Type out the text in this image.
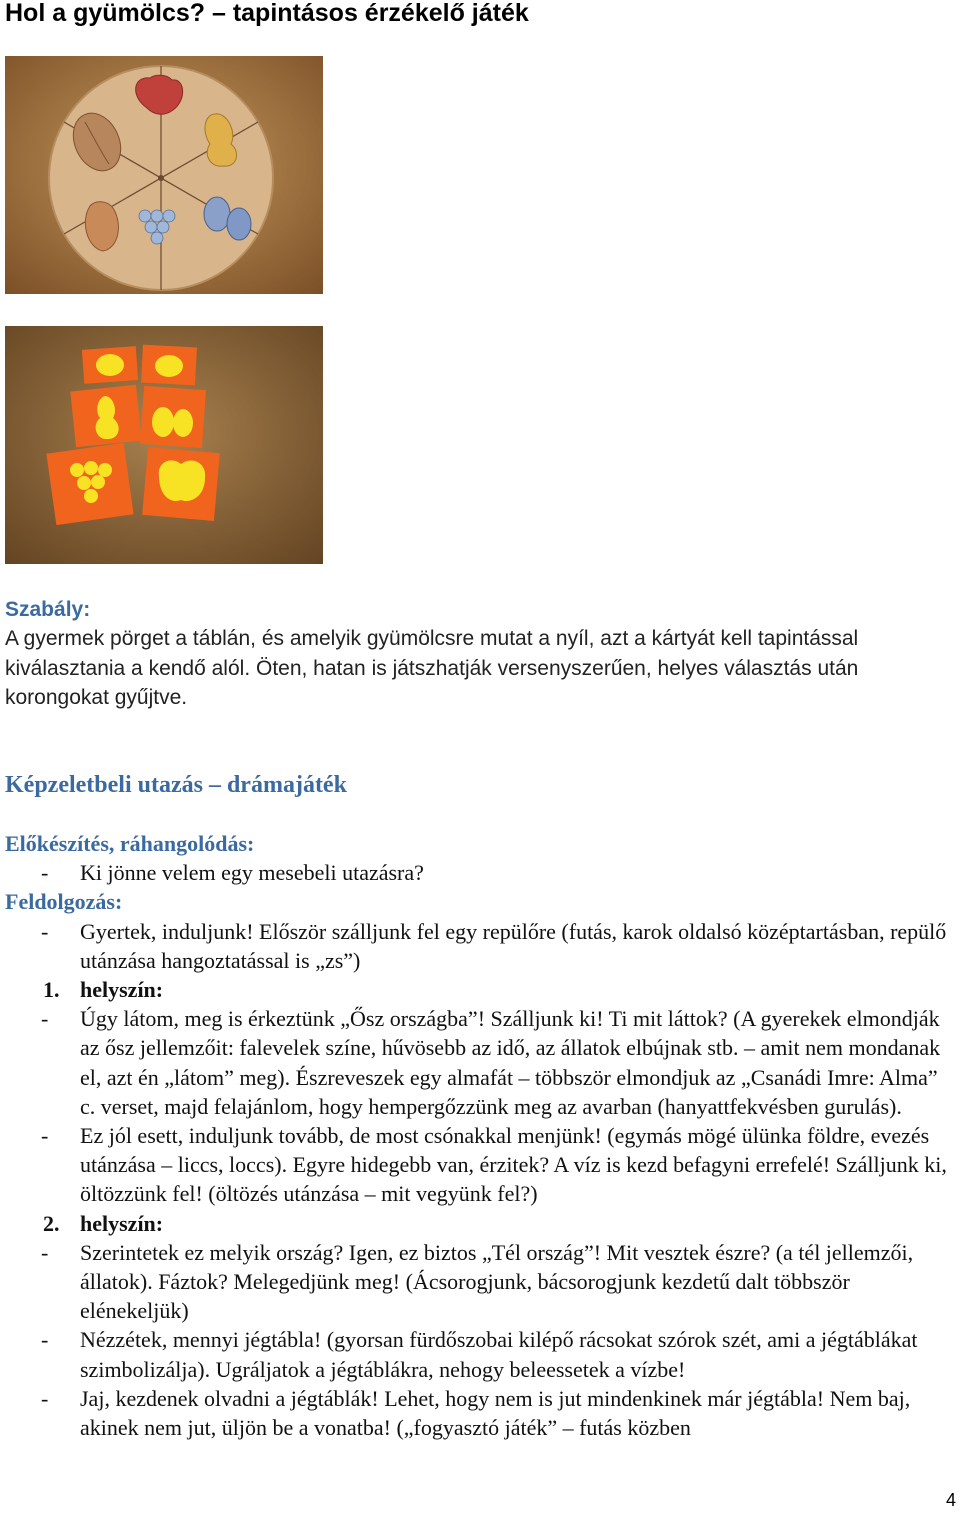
Hol a gyümölcs? – tapintásos érzékelő játék
Szabály:

A gyermek pörget a táblán, és amelyik gyümölcsre mutat a nyíl, azt a kártyát kell tapintással kiválasztania a kendő alól. Öten, hatan is játszhatják versenyszerűen, helyes választás után korongokat gyűjtve.

Képzeletbeli utazás – drámajáték
Előkészítés, ráhangolódás:
-	Ki jönne velem egy mesebeli utazásra?
Feldolgozás:
-	Gyertek, induljunk! Először szálljunk fel egy repülőre (futás, karok oldalsó középtartásban, repülő utánzása hangoztatással is „zs”)
1. helyszín:
-	Úgy látom, meg is érkeztünk „Ősz országba”! Szálljunk ki! Ti mit láttok? (A gyerekek elmondják az ősz jellemzőit: falevelek színe, hűvösebb az idő, az állatok elbújnak stb. – amit nem mondanak el, azt én „látom” meg). Észreveszek egy almafát – többször elmondjuk az „Csanádi Imre: Alma” c. verset, majd felajánlom, hogy hempergőzzünk meg az avarban (hanyattfekvésben gurulás).
-	Ez jól esett, induljunk tovább, de most csónakkal menjünk! (egymás mögé ülünka földre, evezés utánzása – liccs, loccs). Egyre hidegebb van, érzitek? A víz is kezd befagyni errefelé! Szálljunk ki, öltözzünk fel! (öltözés utánzása – mit vegyünk fel?)
2. helyszín:
-	Szerintetek ez melyik ország? Igen, ez biztos „Tél ország”! Mit vesztek észre? (a tél jellemzői, állatok). Fáztok? Melegedjünk meg! (Ácsorogjunk, bácsorogjunk kezdetű dalt többször elénekeljük)
-	Nézzétek, mennyi jégtábla! (gyorsan fürdőszobai kilépő rácsokat szórok szét, ami a jégtáblákat szimbolizálja). Ugráljatok a jégtáblákra, nehogy beleessetek a vízbe!
-	Jaj, kezdenek olvadni a jégtáblák! Lehet, hogy nem is jut mindenkinek már jégtábla! Nem baj, akinek nem jut, üljön be a vonatba! („fogyasztó játék” – futás közben
4
